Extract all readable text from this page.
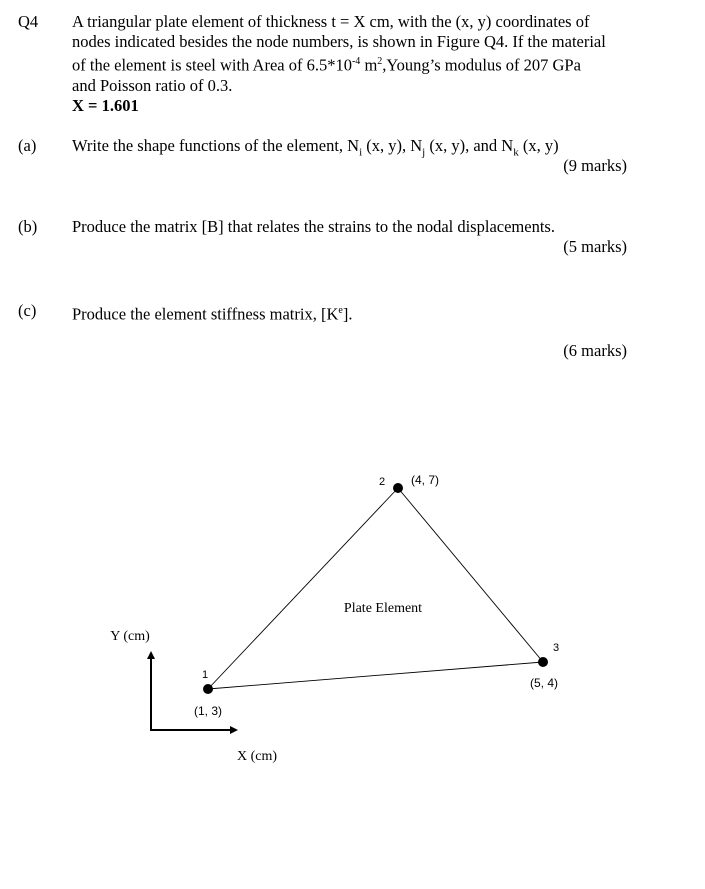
Q4 A triangular plate element of thickness t = X cm, with the (x, y) coordinates of
nodes indicated besides the node numbers, is shown in Figure Q4. If the material
of the element is steel with Area of $6.5*10^{-4}$ $m^2,Young’s$ modulus of 207 GPa
and Poisson ratio of 0.3.
X = 1.601
(a) Write the shape functions of the element, $N_i$ (x, y), $N_j$ (x, y), and $N_k$ (x, y)
(9 marks)
(b) Produce the matrix [B] that relates the strains to the nodal displacements.
(5 marks)
(c) Produce the element stiffness matrix, $[K^e]$.
(6 marks)
1
2
3
(1, 3)
(4, 7)
(5, 4)
Plate Element
Y (cm)
X (cm)
